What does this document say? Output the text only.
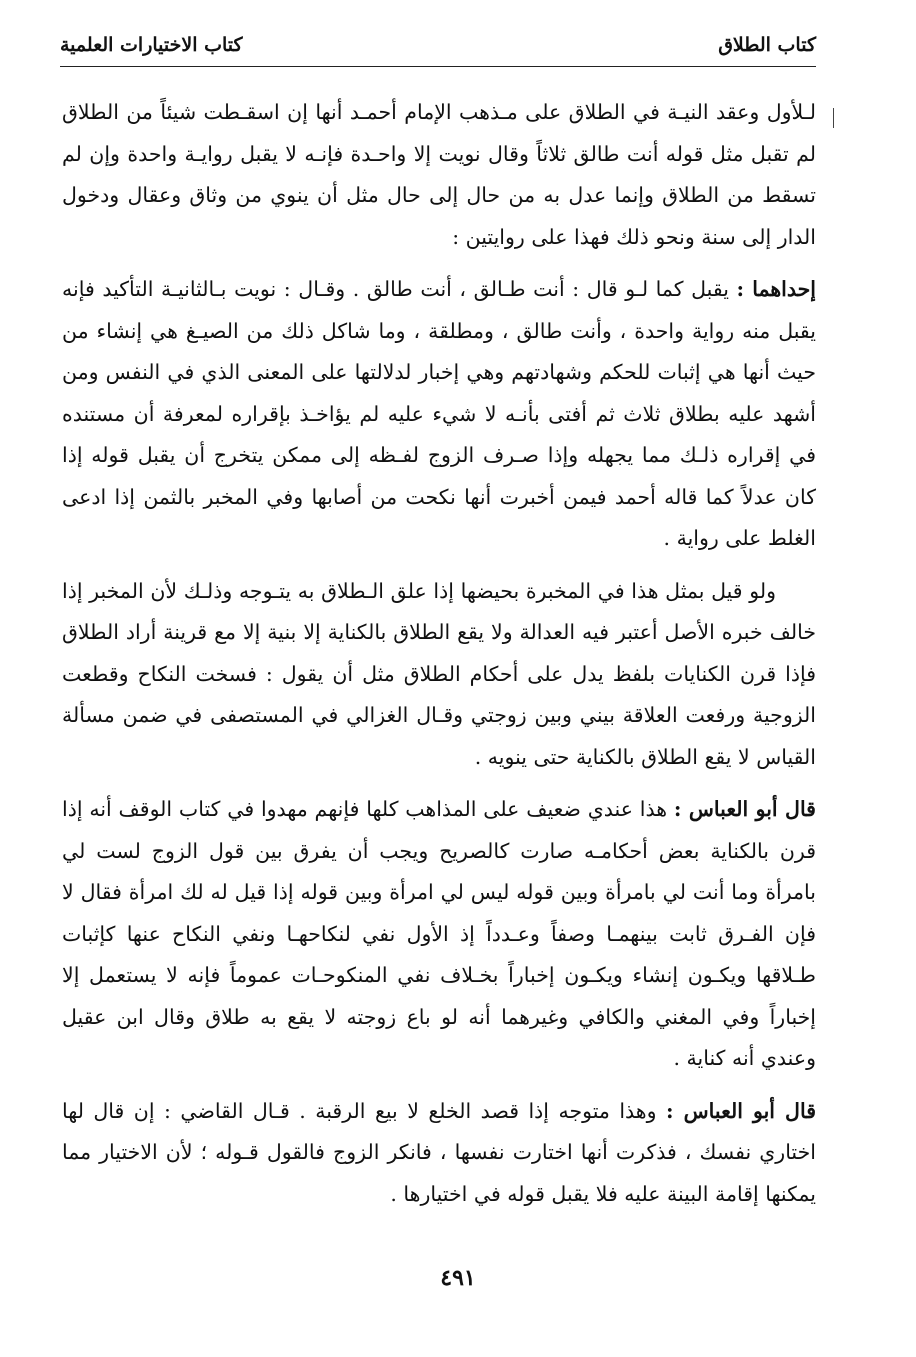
كتاب الطلاق
كتاب الاختيارات العلمية

لـلأول وعقد النيـة في الطلاق على مـذهب الإمام أحمـد أنها إن اسقـطت شيئاً من الطلاق لم تقبل مثل قوله أنت طالق ثلاثاً وقال نويت إلا واحـدة فإنـه لا يقبل روايـة واحدة وإن لم تسقط من الطلاق وإنما عدل به من حال إلى حال مثل أن ينوي من وثاق وعقال ودخول الدار إلى سنة ونحو ذلك فهذا على روايتين :

إحداهما : يقبل كما لـو قال : أنت طـالق ، أنت طالق . وقـال : نويت بـالثانيـة التأكيد فإنه يقبل منه رواية واحدة ، وأنت طالق ، ومطلقة ، وما شاكل ذلك من الصيـغ هي إنشاء من حيث أنها هي إثبات للحكم وشهادتهم وهي إخبار لدلالتها على المعنى الذي في النفس ومن أشهد عليه بطلاق ثلاث ثم أفتى بأنـه لا شيء عليه لم يؤاخـذ بإقراره لمعرفة أن مستنده في إقراره ذلـك مما يجهله وإذا صـرف الزوج لفـظه إلى ممكن يتخرج أن يقبل قوله إذا كان عدلاً كما قاله أحمد فيمن أخبرت أنها نكحت من أصابها وفي المخبر بالثمن إذا ادعى الغلط على رواية .

ولو قيل بمثل هذا في المخبرة بحيضها إذا علق الـطلاق به يتـوجه وذلـك لأن المخبر إذا خالف خبره الأصل أعتبر فيه العدالة ولا يقع الطلاق بالكناية إلا بنية إلا مع قرينة أراد الطلاق فإذا قرن الكنايات بلفظ يدل على أحكام الطلاق مثل أن يقول : فسخت النكاح وقطعت الزوجية ورفعت العلاقة بيني وبين زوجتي وقـال الغزالي في المستصفى في ضمن مسألة القياس لا يقع الطلاق بالكناية حتى ينويه .

قال أبو العباس : هذا عندي ضعيف على المذاهب كلها فإنهم مهدوا في كتاب الوقف أنه إذا قرن بالكناية بعض أحكامـه صارت كالصريح ويجب أن يفرق بين قول الزوج لست لي بامرأة وما أنت لي بامرأة وبين قوله ليس لي امرأة وبين قوله إذا قيل له لك امرأة فقال لا فإن الفـرق ثابت بينهمـا وصفاً وعـدداً إذ الأول نفي لنكاحهـا ونفي النكاح عنها كإثبات طـلاقها ويكـون إنشاء ويكـون إخباراً بخـلاف نفي المنكوحـات عموماً فإنه لا يستعمل إلا إخباراً وفي المغني والكافي وغيرهما أنه لو باع زوجته لا يقع به طلاق وقال ابن عقيل وعندي أنه كناية .

قال أبو العباس : وهذا متوجه إذا قصد الخلع لا بيع الرقبة . قـال القاضي : إن قال لها اختاري نفسك ، فذكرت أنها اختارت نفسها ، فانكر الزوج فالقول قـوله ؛ لأن الاختيار مما يمكنها إقامة البينة عليه فلا يقبل قوله في اختيارها .

٤٩١
